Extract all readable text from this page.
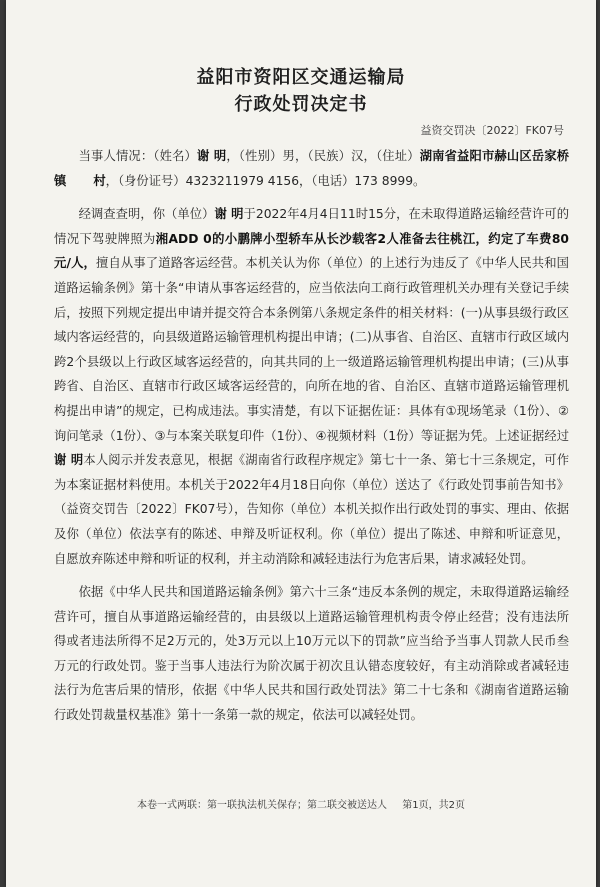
益阳市资阳区交通运输局
行政处罚决定书
益资交罚决〔2022〕FK07号

当事人情况：（姓名）谢 明，（性别）男，（民族）汉，（住址）湖南省益阳市赫山区岳家桥镇 村，（身份证号）4323211979 4156，（电话）173 8999。

经调查查明，你（单位）谢 明于2022年4月4日11时15分，在未取得道路运输经营许可的情况下驾驶牌照为湘ADD 0的小鹏牌小型轿车从长沙载客2人准备去往桃江，约定了车费80元/人，擅自从事了道路客运经营。本机关认为你（单位）的上述行为违反了《中华人民共和国道路运输条例》第十条“申请从事客运经营的，应当依法向工商行政管理机关办理有关登记手续后，按照下列规定提出申请并提交符合本条例第八条规定条件的相关材料：(一)从事县级行政区域内客运经营的，向县级道路运输管理机构提出申请；(二)从事省、自治区、直辖市行政区域内跨2个县级以上行政区域客运经营的，向其共同的上一级道路运输管理机构提出申请；(三)从事跨省、自治区、直辖市行政区域客运经营的，向所在地的省、自治区、直辖市道路运输管理机构提出申请”的规定，已构成违法。事实清楚，有以下证据佐证：具体有①现场笔录（1份）、②询问笔录（1份）、③与本案关联复印件（1份）、④视频材料（1份）等证据为凭。上述证据经过谢 明本人阅示并发表意见，根据《湖南省行政程序规定》第七十一条、第七十三条规定，可作为本案证据材料使用。本机关于2022年4月18日向你（单位）送达了《行政处罚事前告知书》（益资交罚告〔2022〕FK07号），告知你（单位）本机关拟作出行政处罚的事实、理由、依据及你（单位）依法享有的陈述、申辩及听证权利。你（单位）提出了陈述、申辩和听证意见，自愿放弃陈述申辩和听证的权利，并主动消除和减轻违法行为危害后果，请求减轻处罚。

依据《中华人民共和国道路运输条例》第六十三条“违反本条例的规定，未取得道路运输经营许可，擅自从事道路运输经营的，由县级以上道路运输管理机构责令停止经营；没有违法所得或者违法所得不足2万元的，处3万元以上10万元以下的罚款”应当给予当事人罚款人民币叁万元的行政处罚。鉴于当事人违法行为阶次属于初次且认错态度较好，有主动消除或者减轻违法行为危害后果的情形，依据《中华人民共和国行政处罚法》第二十七条和《湖南省道路运输行政处罚裁量权基准》第十一条第一款的规定，依法可以减轻处罚。

本卷一式两联：第一联执法机关保存；第二联交被送达人 第1页，共2页
